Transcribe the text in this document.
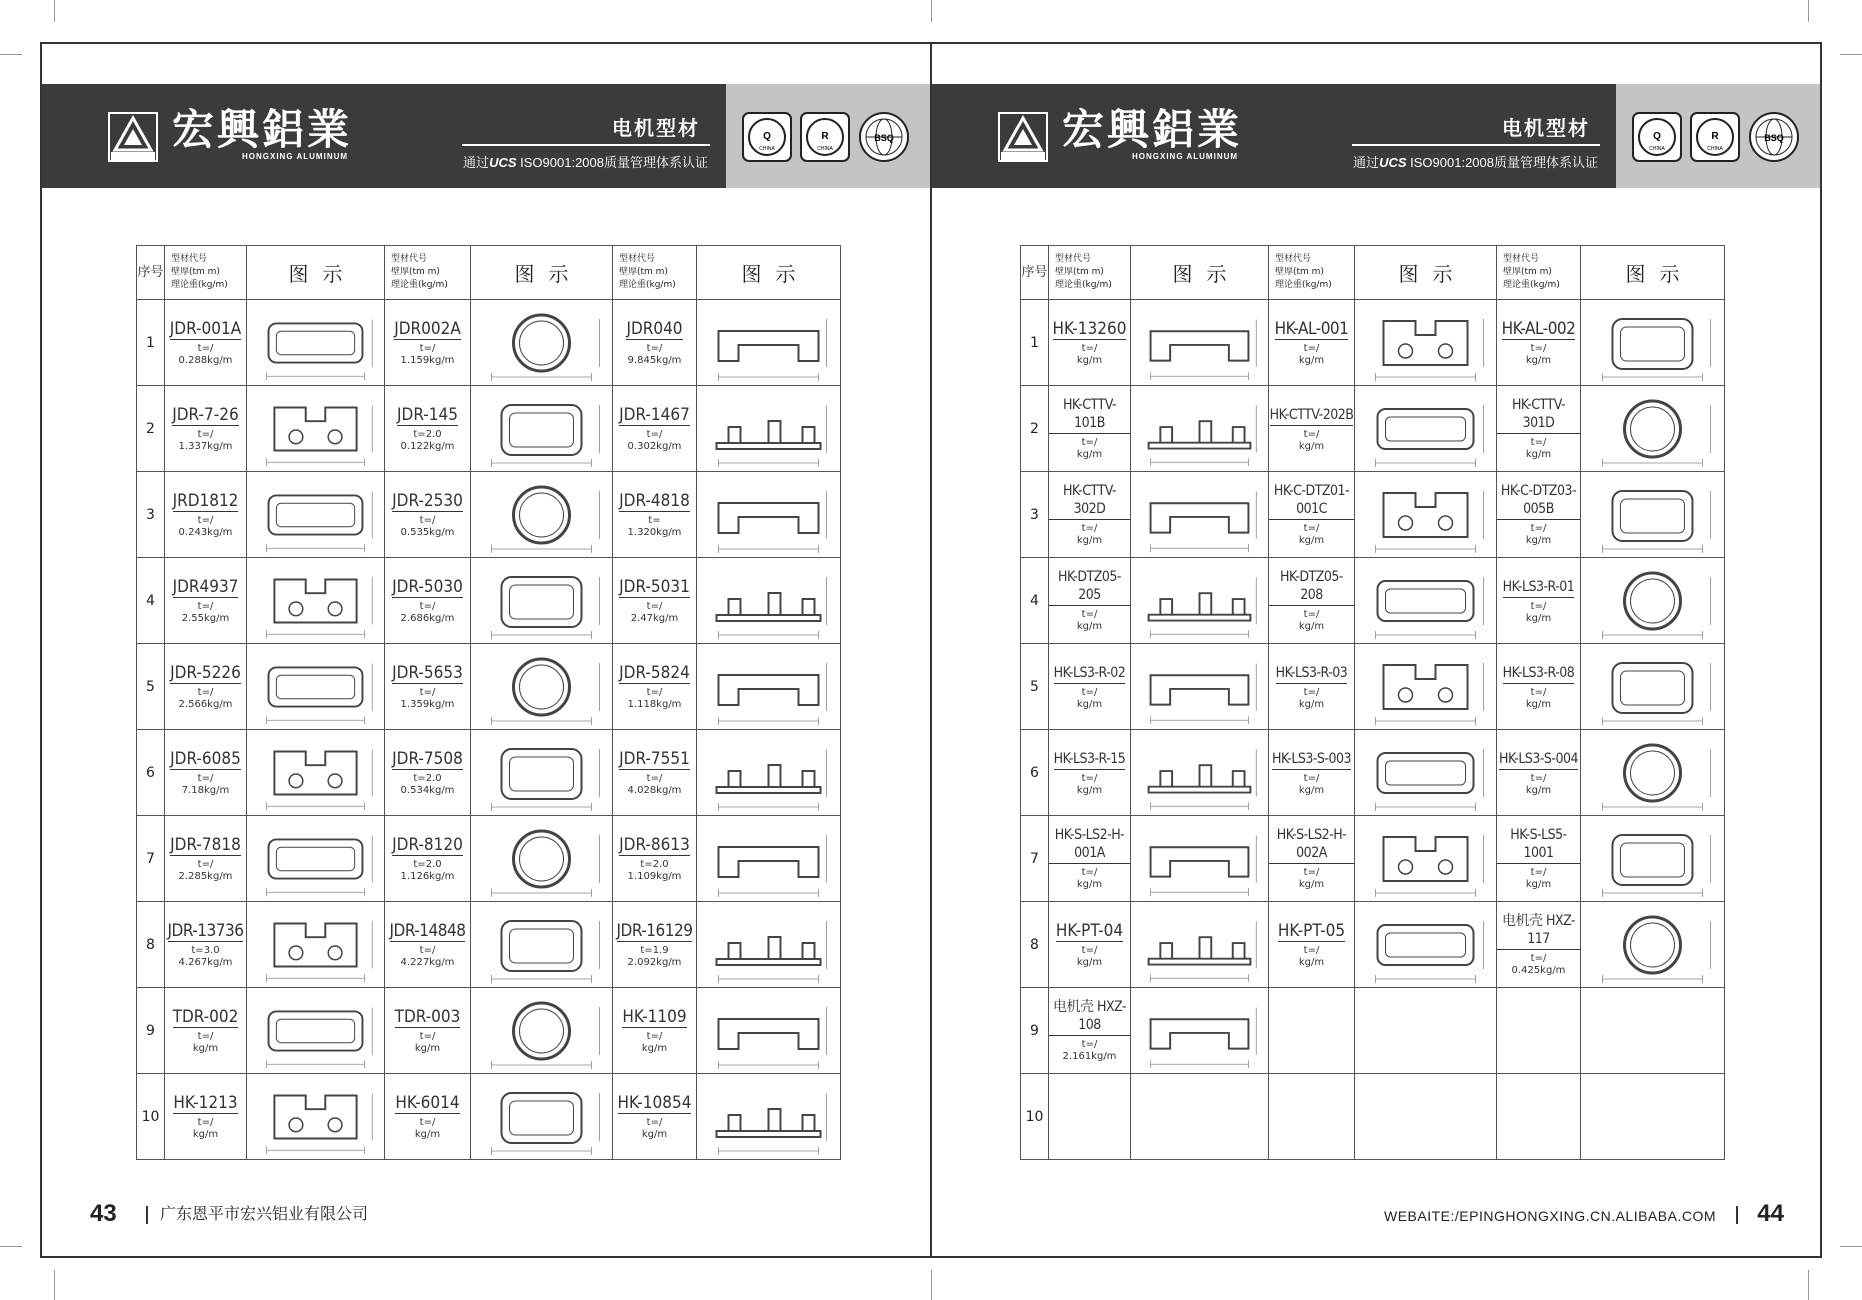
宏興鋁業
HONGXING ALUMINUM
电机型材
通过UCS ISO9001:2008质量管理体系认证
Q
CHINA
R
CHINA
BSQ
序号	型材代号
壁厚(tm m)
理论重(kg/m)	图示	型材代号
壁厚(tm m)
理论重(kg/m)	图示	型材代号
壁厚(tm m)
理论重(kg/m)	图示
1	JDR-001A
t=/
0.288kg/m		JDR002A
t=/
1.159kg/m		JDR040
t=/
9.845kg/m

2	JDR-7-26
t=/
1.337kg/m		JDR-145
t=2.0
0.122kg/m		JDR-1467
t=/
0.302kg/m

3	JRD1812
t=/
0.243kg/m		JDR-2530
t=/
0.535kg/m		JDR-4818
t=
1.320kg/m

4	JDR4937
t=/
2.55kg/m		JDR-5030
t=/
2.686kg/m		JDR-5031
t=/
2.47kg/m

5	JDR-5226
t=/
2.566kg/m		JDR-5653
t=/
1.359kg/m		JDR-5824
t=/
1.118kg/m

6	JDR-6085
t=/
7.18kg/m		JDR-7508
t=2.0
0.534kg/m		JDR-7551
t=/
4.028kg/m

7	JDR-7818
t=/
2.285kg/m		JDR-8120
t=2.0
1.126kg/m		JDR-8613
t=2.0
1.109kg/m

8	JDR-13736
t=3.0
4.267kg/m		JDR-14848
t=/
4.227kg/m		JDR-16129
t=1.9
2.092kg/m

9	TDR-002
t=/
kg/m		TDR-003
t=/
kg/m		HK-1109
t=/
kg/m

10	HK-1213
t=/
kg/m		HK-6014
t=/
kg/m		HK-10854
t=/
kg/m

43	广东恩平市宏兴铝业有限公司
宏興鋁業
HONGXING ALUMINUM
电机型材
通过UCS ISO9001:2008质量管理体系认证
Q
CHINA
R
CHINA
BSQ
序号	型材代号
壁厚(tm m)
理论重(kg/m)	图示	型材代号
壁厚(tm m)
理论重(kg/m)	图示	型材代号
壁厚(tm m)
理论重(kg/m)	图示
1	HK-13260
t=/
kg/m		HK-AL-001
t=/
kg/m		HK-AL-002
t=/
kg/m

2	HK-CTTV-101B
t=/
kg/m		HK-CTTV-202B
t=/
kg/m		HK-CTTV-301D
t=/
kg/m

3	HK-CTTV-302D
t=/
kg/m		HK-C-DTZ01-001C
t=/
kg/m		HK-C-DTZ03-005B
t=/
kg/m

4	HK-DTZ05-205
t=/
kg/m		HK-DTZ05-208
t=/
kg/m		HK-LS3-R-01
t=/
kg/m

5	HK-LS3-R-02
t=/
kg/m		HK-LS3-R-03
t=/
kg/m		HK-LS3-R-08
t=/
kg/m

6	HK-LS3-R-15
t=/
kg/m		HK-LS3-S-003
t=/
kg/m		HK-LS3-S-004
t=/
kg/m

7	HK-S-LS2-H-001A
t=/
kg/m		HK-S-LS2-H-002A
t=/
kg/m		HK-S-LS5-1001
t=/
kg/m

8	HK-PT-04
t=/
kg/m		HK-PT-05
t=/
kg/m		电机壳 HXZ-117
t=/
0.425kg/m

9	电机壳 HXZ-108
t=/
2.161kg/m

10						
WEBAITE:/EPINGHONGXING.CN.ALIBABA.COM 44
